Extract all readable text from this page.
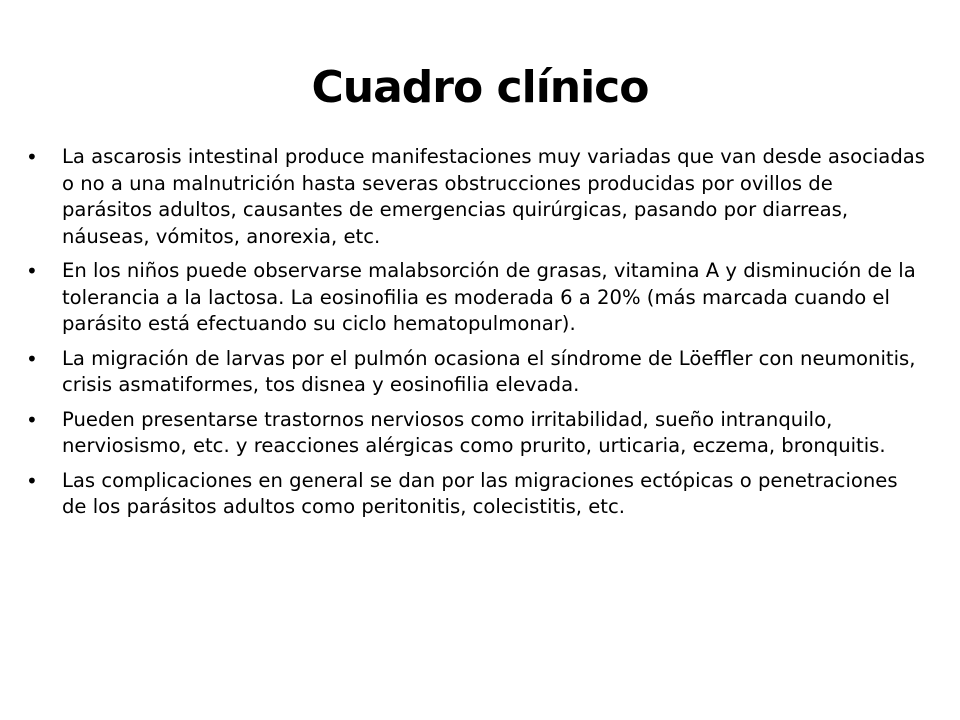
Cuadro clínico
•	La ascarosis intestinal produce manifestaciones muy variadas que van desde asociadas o no a una malnutrición hasta severas obstrucciones producidas por ovillos de parásitos adultos, causantes de emergencias quirúrgicas, pasando por diarreas, náuseas, vómitos, anorexia, etc.
•	En los niños puede observarse malabsorción de grasas, vitamina A y disminución de la tolerancia a la lactosa. La eosinofilia es moderada 6 a 20% (más marcada cuando el parásito está efectuando su ciclo hematopulmonar).
•	La migración de larvas por el pulmón ocasiona el síndrome de Löeffler con neumonitis, crisis asmatiformes, tos disnea y eosinofilia elevada.
•	Pueden presentarse trastornos nerviosos como irritabilidad, sueño intranquilo, nerviosismo, etc. y reacciones alérgicas como prurito, urticaria, eczema, bronquitis.
•	Las complicaciones en general se dan por las migraciones ectópicas o penetraciones de los parásitos adultos como peritonitis, colecistitis, etc.
